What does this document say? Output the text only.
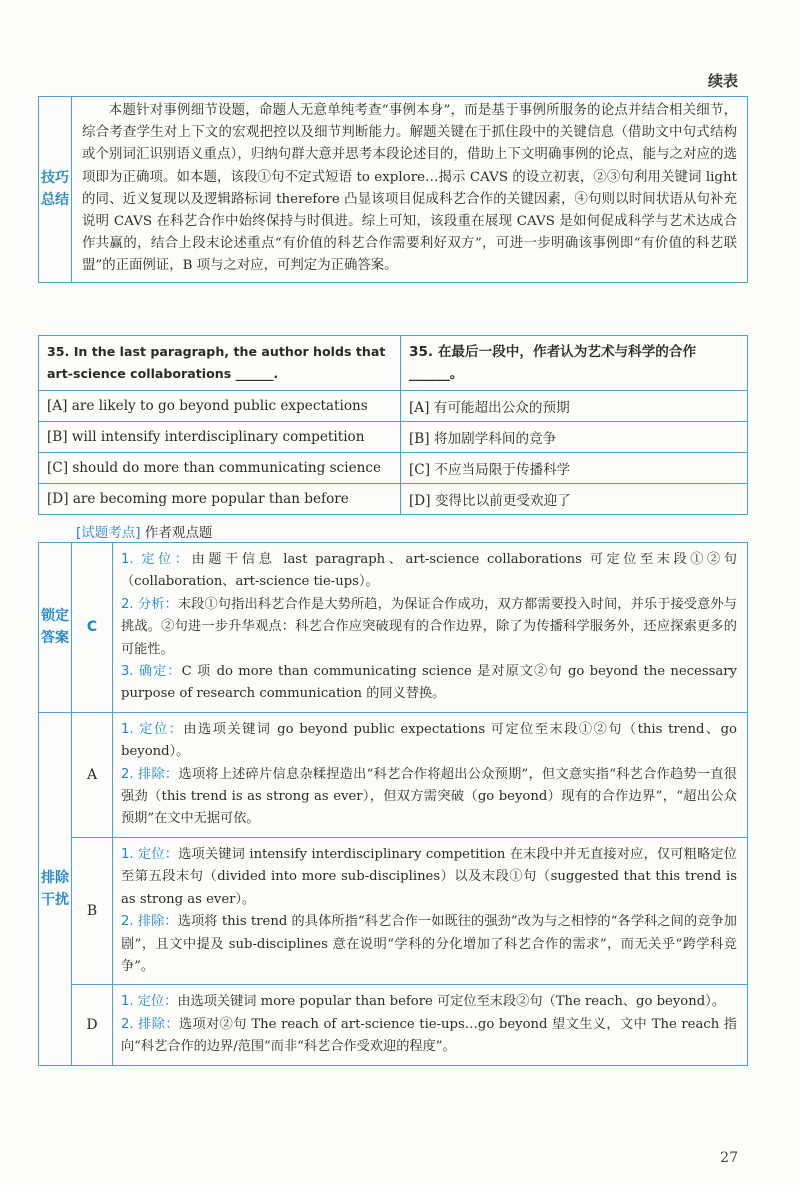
续表
技巧总结	本题针对事例细节设题，命题人无意单纯考查“事例本身”，而是基于事例所服务的论点并结合相关细节，综合考查学生对上下文的宏观把控以及细节判断能力。解题关键在于抓住段中的关键信息（借助文中句式结构或个别词汇识别语义重点），归纳句群大意并思考本段论述目的，借助上下文明确事例的论点，能与之对应的选项即为正确项。如本题，该段①句不定式短语 to explore…揭示 CAVS 的设立初衷，②③句利用关键词 light 的同、近义复现以及逻辑路标词 therefore 凸显该项目促成科艺合作的关键因素，④句则以时间状语从句补充说明 CAVS 在科艺合作中始终保持与时俱进。综上可知，该段重在展现 CAVS 是如何促成科学与艺术达成合作共赢的，结合上段末论述重点“有价值的科艺合作需要利好双方”，可进一步明确该事例即“有价值的科艺联盟”的正面例证，B 项与之对应，可判定为正确答案。
35. In the last paragraph, the author holds that art-science collaborations ______.	35. 在最后一段中，作者认为艺术与科学的合作______。
[A] are likely to go beyond public expectations	[A] 有可能超出公众的预期
[B] will intensify interdisciplinary competition	[B] 将加剧学科间的竞争
[C] should do more than communicating science	[C] 不应当局限于传播科学
[D] are becoming more popular than before	[D] 变得比以前更受欢迎了
[试题考点] 作者观点题
锁定答案	C	1. 定位：由题干信息 last paragraph、art-science collaborations 可定位至末段①②句（collaboration、art-science tie-ups）。
2. 分析：末段①句指出科艺合作是大势所趋，为保证合作成功，双方都需要投入时间，并乐于接受意外与挑战。②句进一步升华观点：科艺合作应突破现有的合作边界，除了为传播科学服务外，还应探索更多的可能性。
3. 确定：C 项 do more than communicating science 是对原文②句 go beyond the necessary purpose of research communication 的同义替换。

排除干扰	A	1. 定位：由选项关键词 go beyond public expectations 可定位至末段①②句（this trend、go beyond）。
2. 排除：选项将上述碎片信息杂糅捏造出“科艺合作将超出公众预期”，但文意实指“科艺合作趋势一直很强劲（this trend is as strong as ever），但双方需突破（go beyond）现有的合作边界”，“超出公众预期”在文中无据可依。

	B	1. 定位：选项关键词 intensify interdisciplinary competition 在末段中并无直接对应，仅可粗略定位至第五段末句（divided into more sub-disciplines）以及末段①句（suggested that this trend is as strong as ever）。
2. 排除：选项将 this trend 的具体所指“科艺合作一如既往的强劲”改为与之相悖的“各学科之间的竞争加剧”，且文中提及 sub-disciplines 意在说明“学科的分化增加了科艺合作的需求”，而无关乎“跨学科竞争”。

	D	1. 定位：由选项关键词 more popular than before 可定位至末段②句（The reach、go beyond）。
2. 排除：选项对②句 The reach of art-science tie-ups…go beyond 望文生义，文中 The reach 指向“科艺合作的边界/范围”而非“科艺合作受欢迎的程度”。
27
